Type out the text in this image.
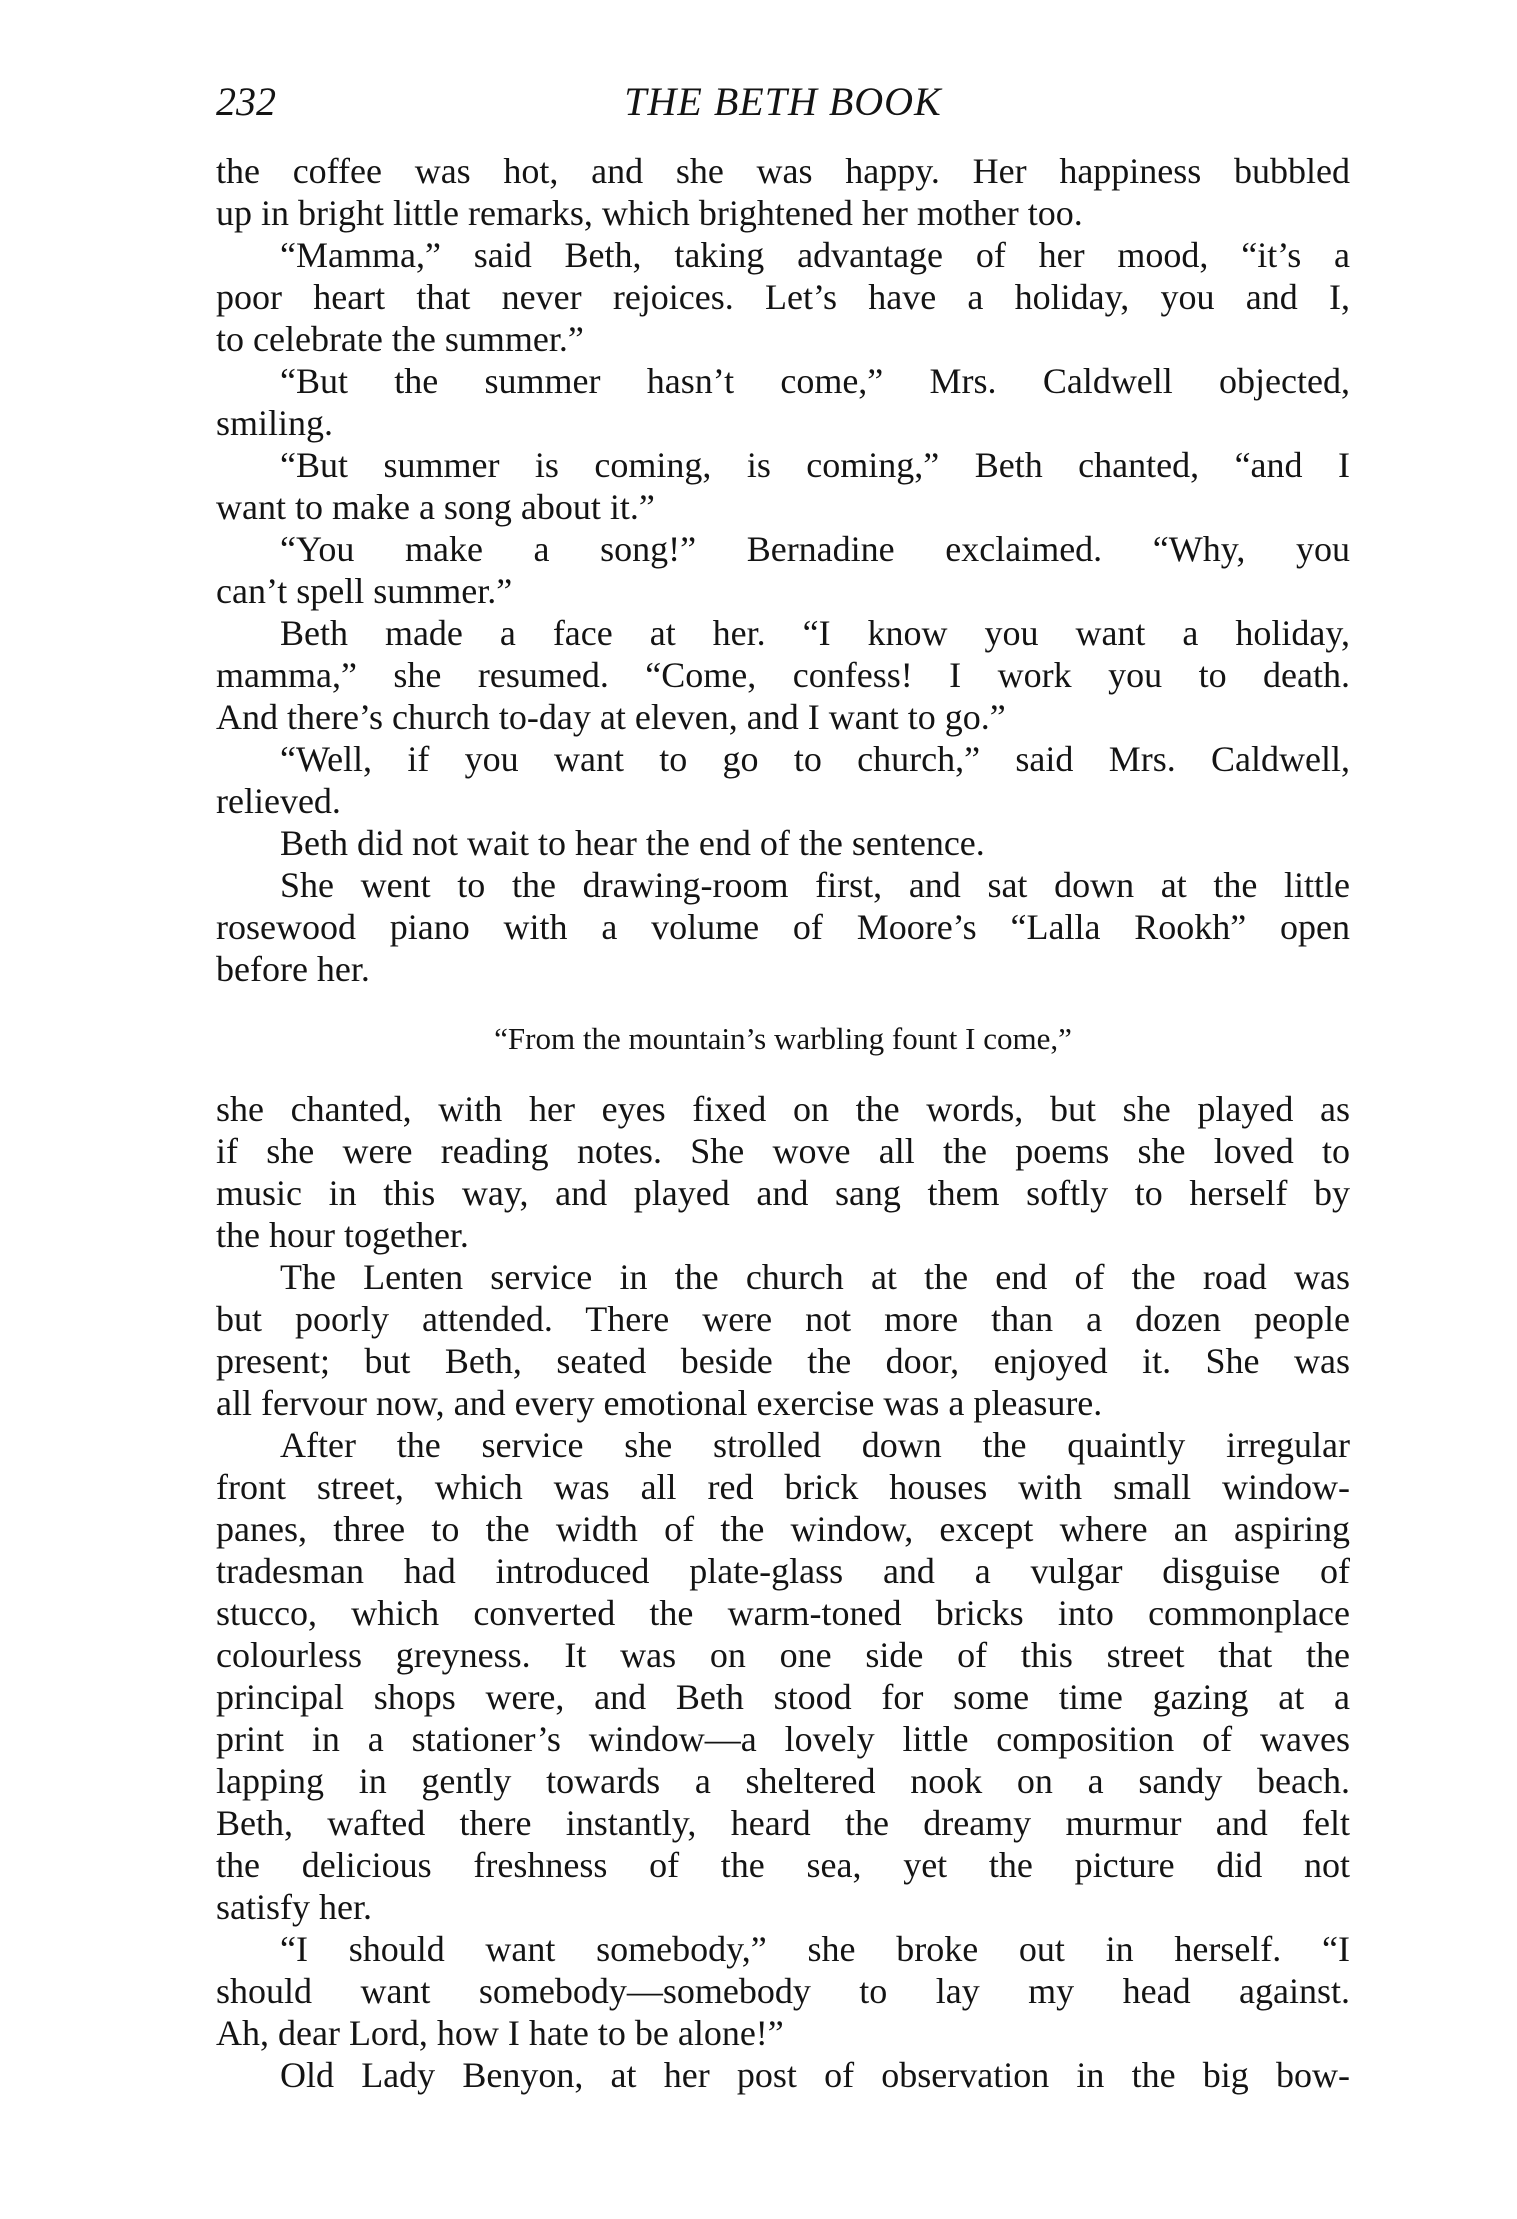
232	THE BETH BOOK
the coffee was hot, and she was happy. Her happiness bubbled
up in bright little remarks, which brightened her mother too.
“Mamma,” said Beth, taking advantage of her mood, “it’s a
poor heart that never rejoices. Let’s have a holiday, you and I,
to celebrate the summer.”
“But the summer hasn’t come,” Mrs. Caldwell objected,
smiling.
“But summer is coming, is coming,” Beth chanted, “and I
want to make a song about it.”
“You make a song!” Bernadine exclaimed. “Why, you
can’t spell summer.”
Beth made a face at her. “I know you want a holiday,
mamma,” she resumed. “Come, confess! I work you to death.
And there’s church to-day at eleven, and I want to go.”
“Well, if you want to go to church,” said Mrs. Caldwell,
relieved.
Beth did not wait to hear the end of the sentence.
She went to the drawing-room first, and sat down at the little
rosewood piano with a volume of Moore’s “Lalla Rookh” open
before her.
“From the mountain’s warbling fount I come,”
she chanted, with her eyes fixed on the words, but she played as
if she were reading notes. She wove all the poems she loved to
music in this way, and played and sang them softly to herself by
the hour together.
The Lenten service in the church at the end of the road was
but poorly attended. There were not more than a dozen people
present; but Beth, seated beside the door, enjoyed it. She was
all fervour now, and every emotional exercise was a pleasure.
After the service she strolled down the quaintly irregular
front street, which was all red brick houses with small window-
panes, three to the width of the window, except where an aspiring
tradesman had introduced plate-glass and a vulgar disguise of
stucco, which converted the warm-toned bricks into commonplace
colourless greyness. It was on one side of this street that the
principal shops were, and Beth stood for some time gazing at a
print in a stationer’s window—a lovely little composition of waves
lapping in gently towards a sheltered nook on a sandy beach.
Beth, wafted there instantly, heard the dreamy murmur and felt
the delicious freshness of the sea, yet the picture did not
satisfy her.
“I should want somebody,” she broke out in herself. “I
should want somebody—somebody to lay my head against.
Ah, dear Lord, how I hate to be alone!”
Old Lady Benyon, at her post of observation in the big bow-
